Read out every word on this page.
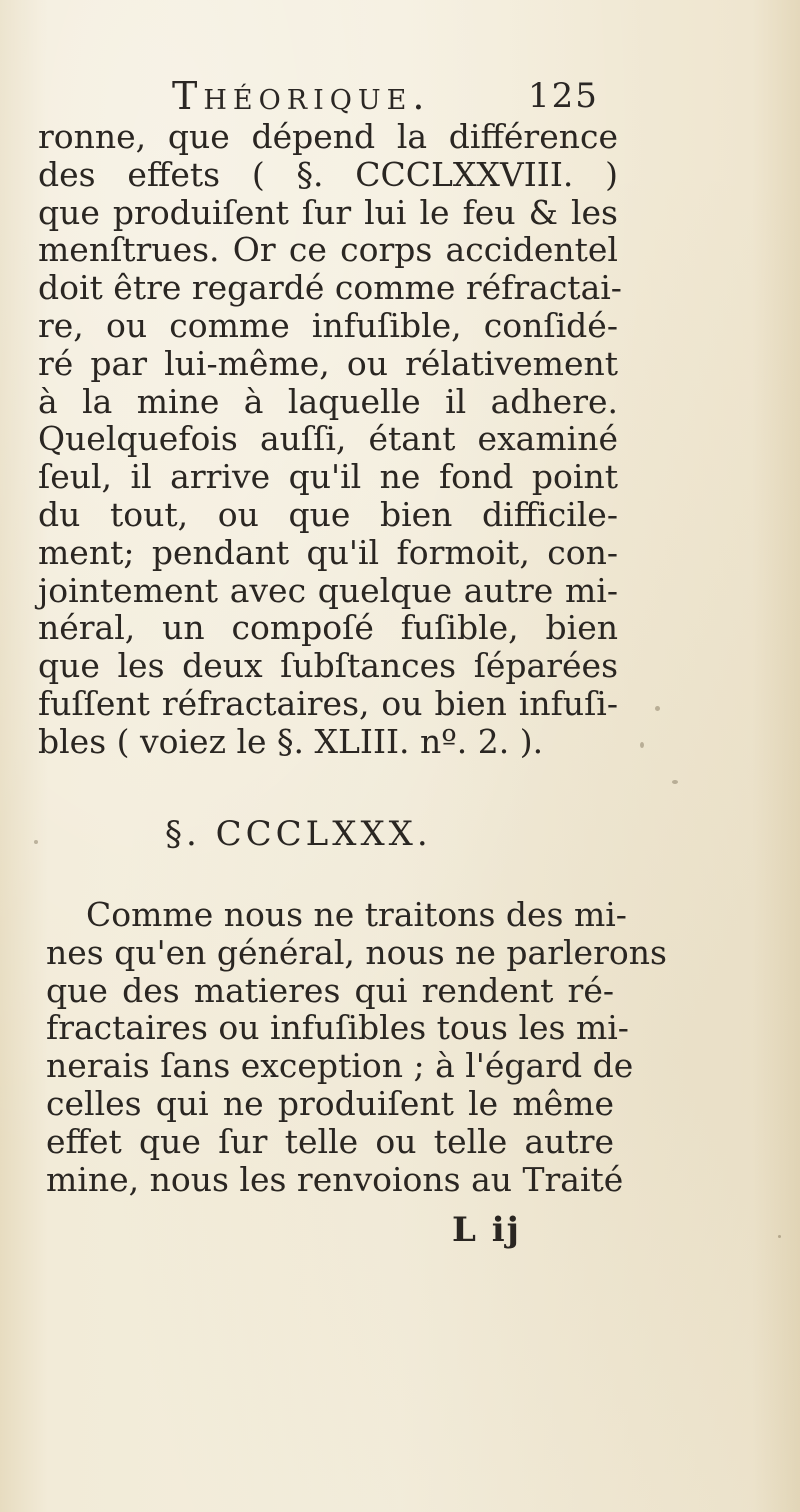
Théorique.	125
ronne, que dépend la différence
des effets ( §. CCCLXXVIII. )
que produiſent ſur lui le feu & les
menſtrues. Or ce corps accidentel
doit être regardé comme réfractai-
re, ou comme infuſible, conſidé-
ré par lui-même, ou rélativement
à la mine à laquelle il adhere.
Quelquefois auſſi, étant examiné
ſeul, il arrive qu'il ne fond point
du tout, ou que bien difficile-
ment; pendant qu'il formoit, con-
jointement avec quelque autre mi-
néral, un compoſé fuſible, bien
que les deux ſubſtances ſéparées
fuſſent réfractaires, ou bien infuſi-
bles ( voiez le §. XLIII. nº. 2. ).
§. CCCLXXX.
Comme nous ne traitons des mi-
nes qu'en général, nous ne parlerons
que des matieres qui rendent ré-
fractaires ou infuſibles tous les mi-
nerais ſans exception ; à l'égard de
celles qui ne produiſent le même
effet que ſur telle ou telle autre
mine, nous les renvoions au Traité
L ij
